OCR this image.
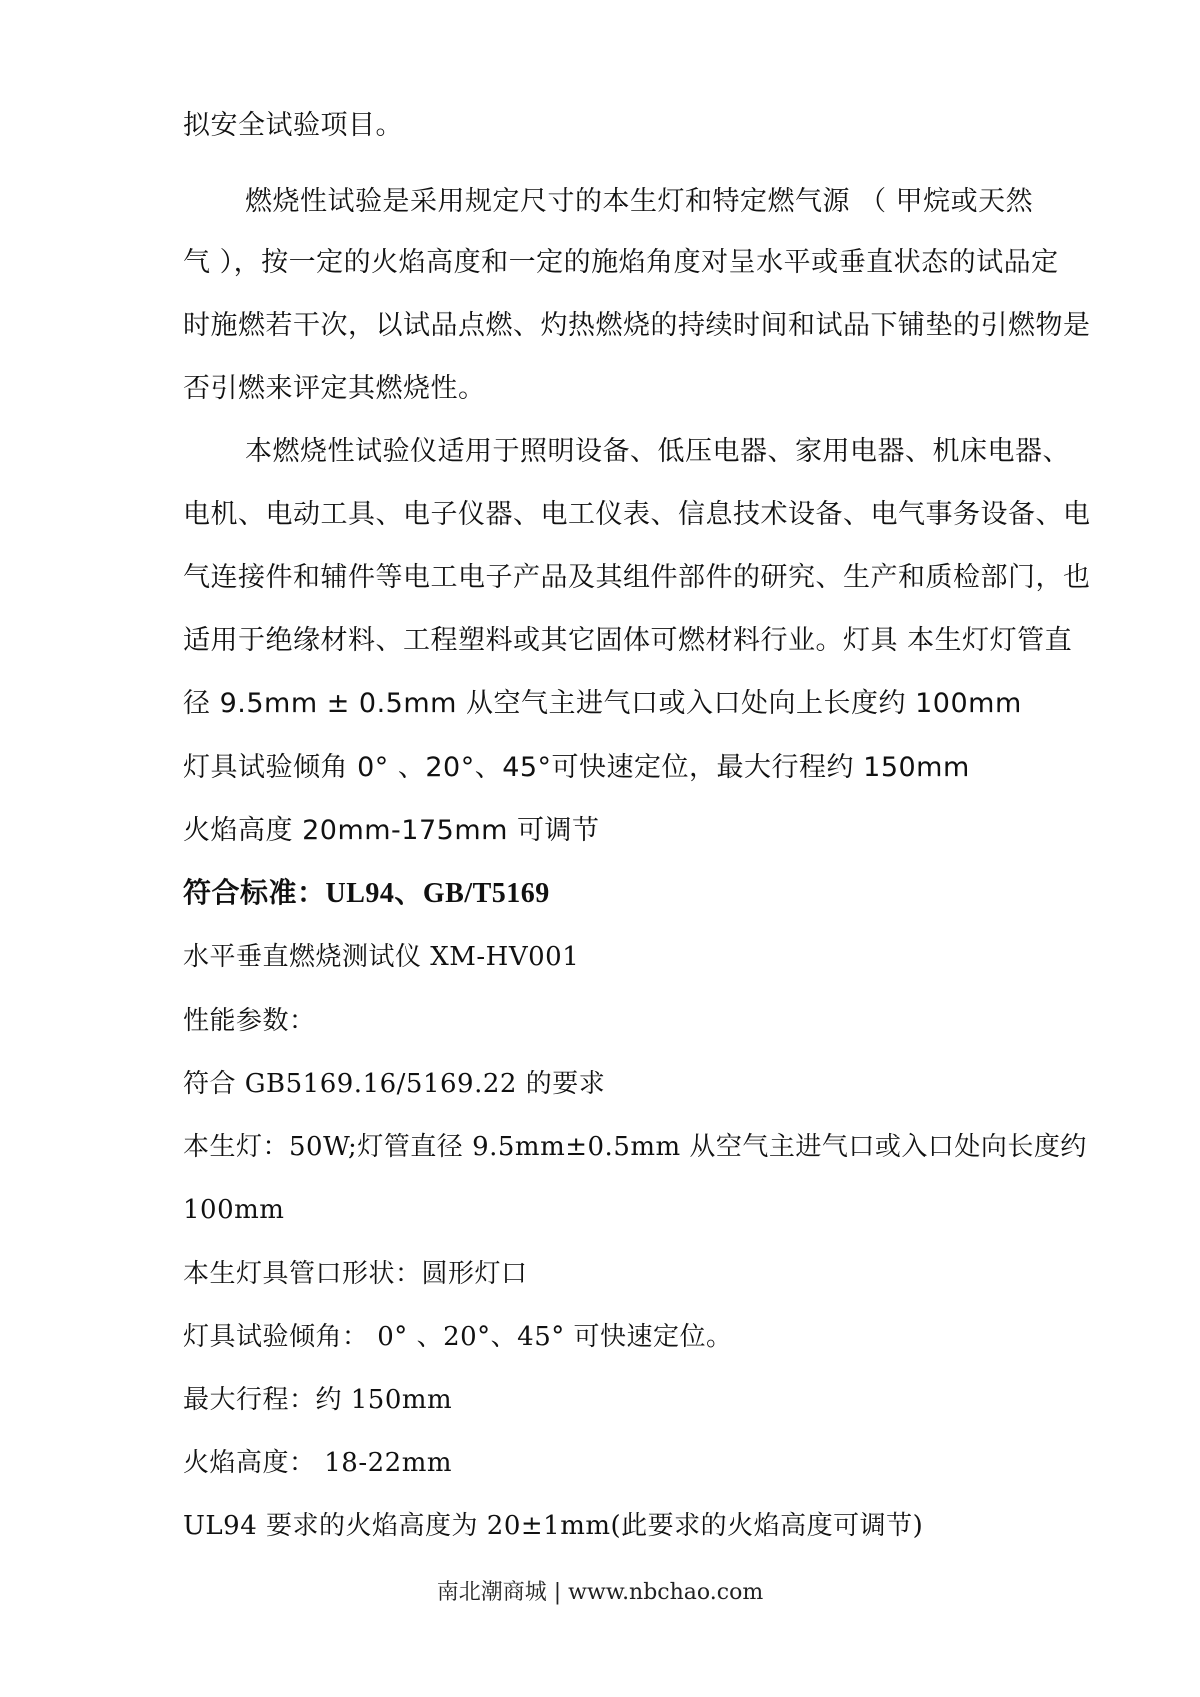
拟安全试验项目。
燃烧性试验是采用规定尺寸的本生灯和特定燃气源 （ 甲烷或天然
气 ），按一定的火焰高度和一定的施焰角度对呈水平或垂直状态的试品定
时施燃若干次，以试品点燃、灼热燃烧的持续时间和试品下铺垫的引燃物是
否引燃来评定其燃烧性。
本燃烧性试验仪适用于照明设备、低压电器、家用电器、机床电器、
电机、电动工具、电子仪器、电工仪表、信息技术设备、电气事务设备、电
气连接件和辅件等电工电子产品及其组件部件的研究、生产和质检部门，也
适用于绝缘材料、工程塑料或其它固体可燃材料行业。灯具 本生灯灯管直
径 9.5mm ± 0.5mm 从空气主进气口或入口处向上长度约 100mm
灯具试验倾角 0° 、20°、45°可快速定位，最大行程约 150mm
火焰高度 20mm-175mm 可调节
符合标准：UL94、GB/T5169
水平垂直燃烧测试仪 XM-HV001
性能参数：
符合 GB5169.16/5169.22 的要求
本生灯：50W;灯管直径 9.5mm±0.5mm 从空气主进气口或入口处向长度约
100mm
本生灯具管口形状：圆形灯口
灯具试验倾角： 0° 、20°、45° 可快速定位。
最大行程：约 150mm
火焰高度： 18-22mm
UL94 要求的火焰高度为 20±1mm(此要求的火焰高度可调节)
南北潮商城 | www.nbchao.com
